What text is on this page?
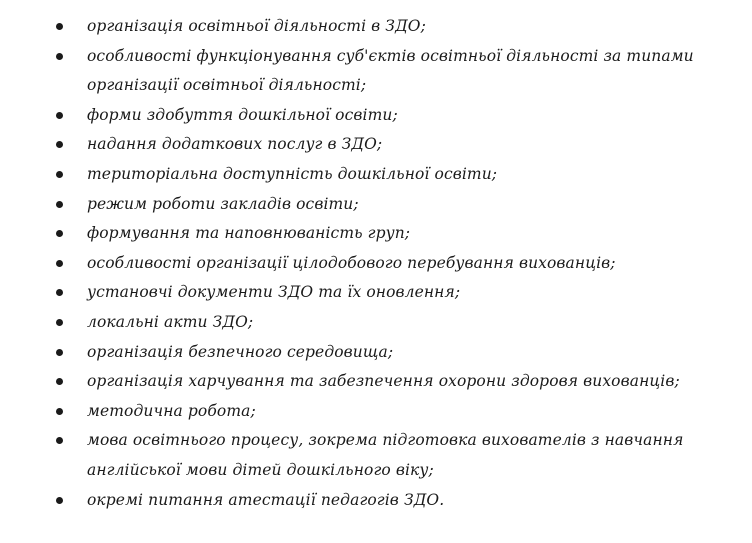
організація освітньої діяльності в ЗДО;
особливості функціонування суб'єктів освітньої діяльності за типами організації освітньої діяльності;
форми здобуття дошкільної освіти;
надання додаткових послуг в ЗДО;
територіальна доступність дошкільної освіти;
режим роботи закладів освіти;
формування та наповнюваність груп;
особливості організації цілодобового перебування вихованців;
установчі документи ЗДО та їх оновлення;
локальні акти ЗДО;
організація безпечного середовища;
організація харчування та забезпечення охорони здоровя вихованців;
методична робота;
мова освітнього процесу, зокрема підготовка вихователів з навчання англійської мови дітей дошкільного віку;
окремі питання атестації педагогів ЗДО.
